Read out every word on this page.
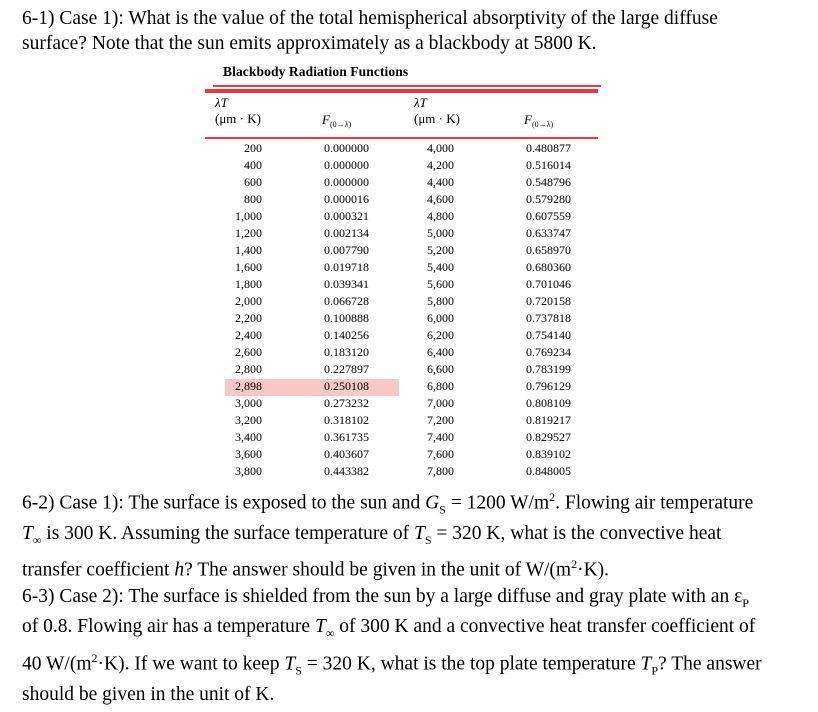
6-1) Case 1): What is the value of the total hemispherical absorptivity of the large diffuse
surface? Note that the sun emits approximately as a blackbody at 5800 K.
Blackbody Radiation Functions
λT
(μm · K)	$F_{(0\to\lambda)}$
λT
(μm · K)	$F_{(0\to\lambda)}$
200
400
600
800
1,000
1,200
1,400
1,600
1,800
2,000
2,200
2,400
2,600
2,800
2,898
3,000
3,200
3,400
3,600
3,800
0.000000
0.000000
0.000000
0.000016
0.000321
0.002134
0.007790
0.019718
0.039341
0.066728
0.100888
0.140256
0.183120
0.227897
0.250108
0.273232
0.318102
0.361735
0.403607
0.443382
4,000
4,200
4,400
4,600
4,800
5,000
5,200
5,400
5,600
5,800
6,000
6,200
6,400
6,600
6,800
7,000
7,200
7,400
7,600
7,800
0.480877
0.516014
0.548796
0.579280
0.607559
0.633747
0.658970
0.680360
0.701046
0.720158
0.737818
0.754140
0.769234
0.783199
0.796129
0.808109
0.819217
0.829527
0.839102
0.848005
6-2) Case 1): The surface is exposed to the sun and $G_S = 1200$ $W/m^2$. Flowing air temperature
$T_\infty$ is 300 K. Assuming the surface temperature of $T_S = 320$ K, what is the convective heat
transfer coefficient h? The answer should be given in the unit of $W/(m^2\cdot K)$.
6-3) Case 2): The surface is shielded from the sun by a large diffuse and gray plate with an $\varepsilon_P$
of 0.8. Flowing air has a temperature $T_\infty$ of 300 K and a convective heat transfer coefficient of
40 $W/(m^2\cdot K)$. If we want to keep $T_S = 320$ K, what is the top plate temperature $T_P$? The answer
should be given in the unit of K.
